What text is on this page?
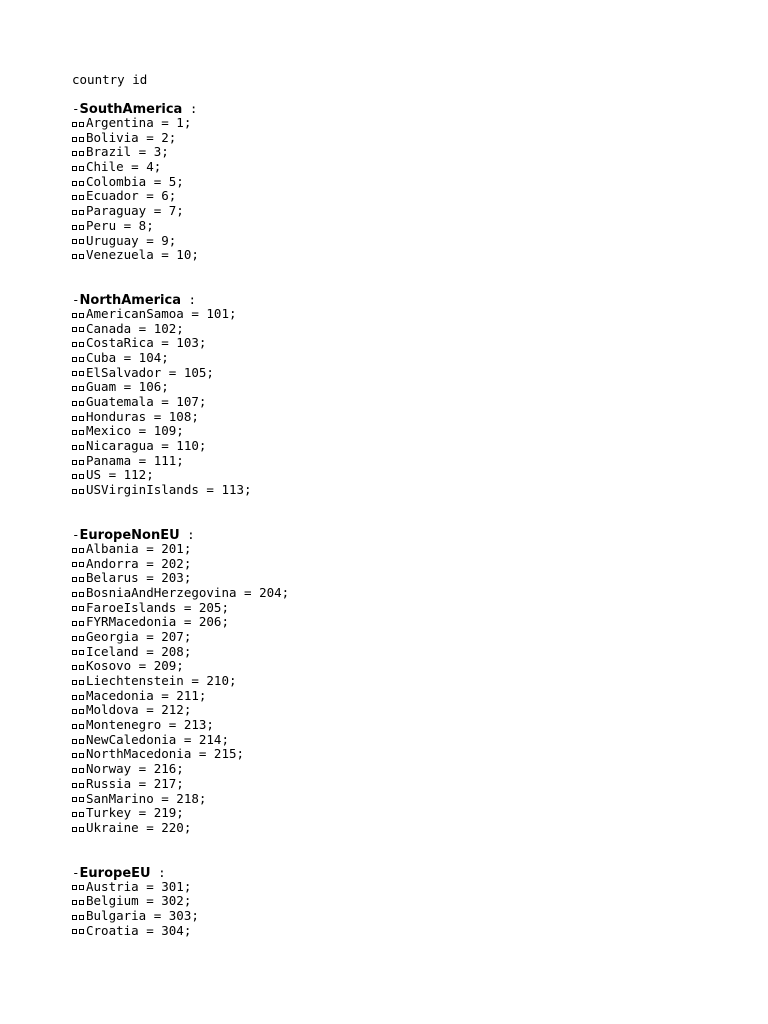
country id
-SouthAmerica :
Argentina = 1;
Bolivia = 2;
Brazil = 3;
Chile = 4;
Colombia = 5;
Ecuador = 6;
Paraguay = 7;
Peru = 8;
Uruguay = 9;
Venezuela = 10;
-NorthAmerica :
AmericanSamoa = 101;
Canada = 102;
CostaRica = 103;
Cuba = 104;
ElSalvador = 105;
Guam = 106;
Guatemala = 107;
Honduras = 108;
Mexico = 109;
Nicaragua = 110;
Panama = 111;
US = 112;
USVirginIslands = 113;
-EuropeNonEU :
Albania = 201;
Andorra = 202;
Belarus = 203;
BosniaAndHerzegovina = 204;
FaroeIslands = 205;
FYRMacedonia = 206;
Georgia = 207;
Iceland = 208;
Kosovo = 209;
Liechtenstein = 210;
Macedonia = 211;
Moldova = 212;
Montenegro = 213;
NewCaledonia = 214;
NorthMacedonia = 215;
Norway = 216;
Russia = 217;
SanMarino = 218;
Turkey = 219;
Ukraine = 220;
-EuropeEU :
Austria = 301;
Belgium = 302;
Bulgaria = 303;
Croatia = 304;
